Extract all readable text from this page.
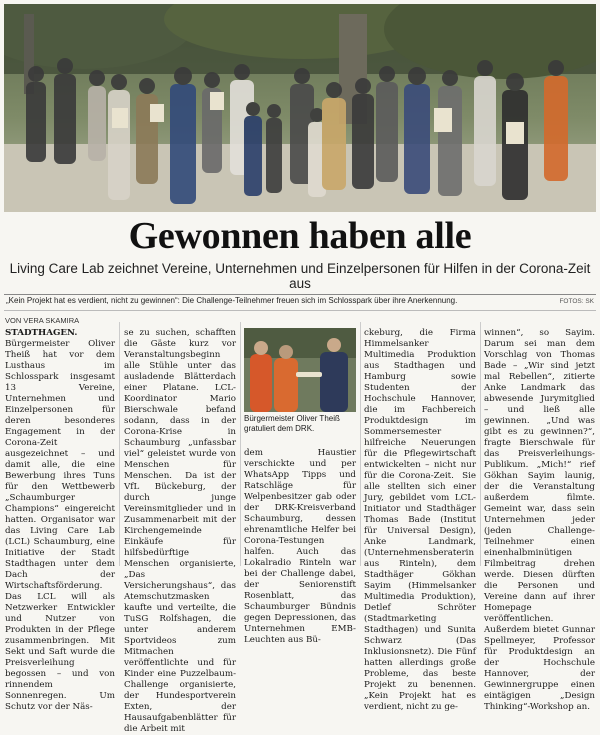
Gewonnen haben alle
Living Care Lab zeichnet Vereine, Unternehmen und Einzelpersonen für Hilfen in der Corona-Zeit aus
„Kein Projekt hat es verdient, nicht zu gewinnen“: Die Challenge-Teilnehmer freuen sich im Schlosspark über ihre Anerkennung.	FOTOS: SK
VON VERA SKAMIRA

STADTHAGEN. Bürgermeister Oliver Theiß hat vor dem Lusthaus im Schlosspark insgesamt 13 Vereine, Unternehmen und Einzelpersonen für deren besonderes Engagement in der Corona-Zeit ausgezeichnet – und damit alle, die eine Bewerbung ihres Tuns für den Wettbewerb „Schaumburger Champions“ eingereicht hatten. Organisator war das Living Care Lab (LCL) Schaumburg, eine Initiative der Stadt Stadthagen unter dem Dach der Wirtschaftsförderung. Das LCL will als Netzwerker Entwickler und Nutzer von Produkten in der Pflege zusammenbringen.  Mit Sekt und Saft wurde die Preisverleihung begossen – und von rinnendem Sonnenregen. Um Schutz vor der Näs-

se zu suchen, schafften die Gäste kurz vor Veranstaltungsbeginn alle Stühle unter das ausladende Blätterdach einer Platane. LCL-Koordinator Mario Bierschwale befand sodann, dass in der Corona-Krise in Schaumburg „unfassbar viel“ geleistet wurde von Menschen für Menschen.  Da ist der VfL Bückeburg, der durch junge Vereinsmitglieder und in Zusammenarbeit mit der Kirchengemeinde Einkäufe für hilfsbedürftige Menschen organisierte, „Das Versicherungshaus“, das Atemschutzmasken kaufte und verteilte, die TuSG Rolfshagen, die unter anderem Sportvideos zum Mitmachen veröffentlichte und für Kinder eine Puzzelbaum-Challenge organisierte, der Hundesportverein Exten, der Hausaufgabenblätter für die Arbeit mit

dem Haustier verschickte und per WhatsApp Tipps und Ratschläge für Welpenbesitzer gab oder der DRK-Kreisverband Schaumburg, dessen ehrenamtliche Helfer bei Corona-Testungen halfen. Auch das Lokalradio Rinteln war bei der Challenge dabei, der Seniorenstift Rosenblatt, das Schaumburger Bündnis gegen Depressionen, das Unternehmen EMB-Leuchten aus Bü-

ckeburg, die Firma Himmelsanker Multimedia Produktion aus Stadthagen und Hamburg sowie Studenten der Hochschule Hannover, die im Fachbereich Produktdesign im Sommersemester hilfreiche Neuerungen für die Pflegewirtschaft entwickelten – nicht nur für die Corona-Zeit.  Sie alle stellten sich einer Jury, gebildet vom LCL-Initiator und Stadthäger Thomas Bade (Institut für Universal Design), Anke Landmark, (Unternehmensberaterin aus Rinteln), dem Stadthäger Gökhan Sayim (Himmelsanker Multimedia Produktion), Detlef Schröter (Stadtmarketing Stadthagen) und Sunita Schwarz (Das Inklusionsnetz). Die Fünf hatten allerdings große Probleme, das beste Projekt zu benennen. „Kein Projekt hat es verdient, nicht zu ge-

winnen“, so Sayim. Darum sei man dem Vorschlag von Thomas Bade – „Wir sind jetzt mal Rebellen“, zitierte Anke Landmark das abwesende Jurymitglied – und ließ alle gewinnen.  „Und was gibt es zu gewinnen?“, fragte Bierschwale für das Preisverleihungs-Publikum. „Mich!“ rief Gökhan Sayim launig, der die Veranstaltung außerdem filmte. Gemeint war, dass sein Unternehmen jeder (jeden Challenge-Teilnehmer einen einenhalbminütigen Filmbeitrag drehen werde. Diesen dürften die Personen und Vereine dann auf ihrer Homepage veröffentlichen. Außerdem bietet Gunnar Spellmeyer, Professor für Produktdesign an der Hochschule Hannover, der Gewinnergruppe einen eintägigen „Design Thinking“-Workshop an.

Bürgermeister Oliver Theiß gratuliert dem DRK.
